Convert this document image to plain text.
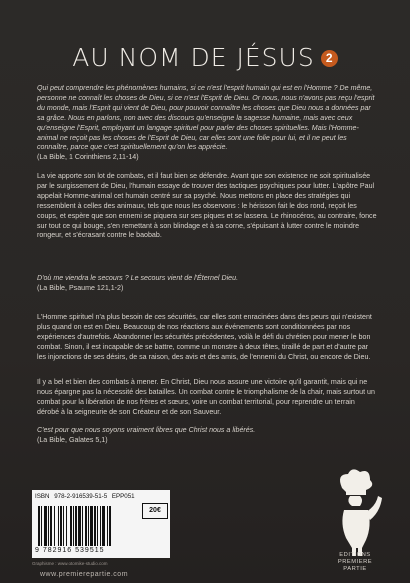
AU NOM DE JÉSUS 2

Qui peut comprendre les phénomènes humains, si ce n'est l'esprit humain qui est en l'Homme ? De même, personne ne connaît les choses de Dieu, si ce n'est l'Esprit de Dieu. Or nous, nous n'avons pas reçu l'esprit du monde, mais l'Esprit qui vient de Dieu, pour pouvoir connaître les choses que Dieu nous a données par sa grâce. Nous en parlons, non avec des discours qu'enseigne la sagesse humaine, mais avec ceux qu'enseigne l'Esprit, employant un langage spirituel pour parler des choses spirituelles. Mais l'Homme-animal ne reçoit pas les choses de l'Esprit de Dieu, car elles sont une folie pour lui, et il ne peut les connaître, parce que c'est spirituellement qu'on les apprécie.

(La Bible, 1 Corinthiens 2,11-14)

La vie apporte son lot de combats, et il faut bien se défendre. Avant que son existence ne soit spiritualisée par le surgissement de Dieu, l'humain essaye de trouver des tactiques psychiques pour lutter. L'apôtre Paul appelait Homme-animal cet humain centré sur sa psyché. Nous mettons en place des stratégies qui ressemblent à celles des animaux, tels que nous les observons : le hérisson fait le dos rond, reçoit les coups, et espère que son ennemi se piquera sur ses piques et se lassera. Le rhinocéros, au contraire, fonce sur tout ce qui bouge, s'en remettant à son blindage et à sa corne, s'épuisant à lutter contre le moindre rongeur, et s'écrasant contre le baobab.

D'où me viendra le secours ? Le secours vient de l'Éternel Dieu.

(La Bible, Psaume 121,1-2)

L'Homme spirituel n'a plus besoin de ces sécurités, car elles sont enracinées dans des peurs qui n'existent plus quand on est en Dieu. Beaucoup de nos réactions aux événements sont conditionnées par nos expériences d'autrefois. Abandonner les sécurités précédentes, voilà le défi du chrétien pour mener le bon combat. Sinon, il est incapable de se battre, comme un monstre à deux têtes, tiraillé de part et d'autre par les injonctions de ses désirs, de sa raison, des avis et des amis, de l'ennemi du Christ, ou encore de Dieu.

Il y a bel et bien des combats à mener. En Christ, Dieu nous assure une victoire qu'il garantit, mais qui ne nous épargne pas la nécessité des batailles. Un combat contre le triomphalisme de la chair, mais surtout un combat pour la libération de nos frères et sœurs, voire un combat territorial, pour reprendre un terrain dérobé à la seigneurie de son Créateur et de son Sauveur.

C'est pour que nous soyons vraiment libres que Christ nous a libérés.

(La Bible, Galates 5,1)

ISBN 978-2-916539-51-5 EPP051
20€
9 782916 539515
Graphisme : www.otomike-studio.com
www.premierepartie.com
EDITIONS
PREMIERE
PARTIE
